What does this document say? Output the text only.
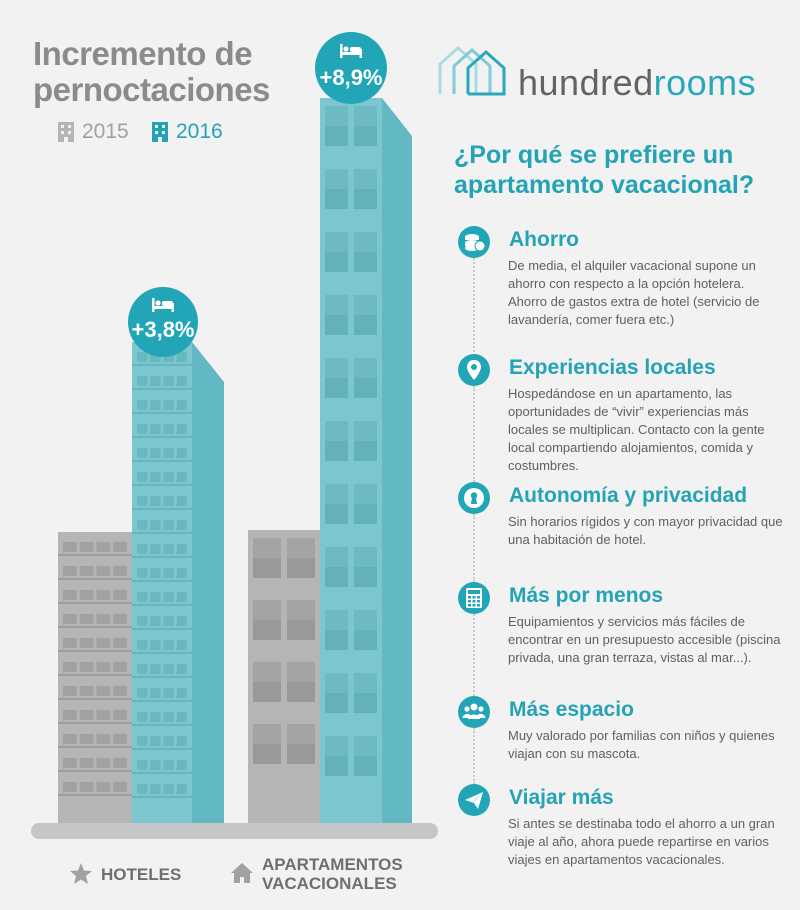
Incremento de
pernoctaciones
2015 2016
+3,8%
+8,9%
HOTELES
APARTAMENTOS
VACACIONALES
hundredrooms
¿Por qué se prefiere un
apartamento vacacional?
Ahorro
De media, el alquiler vacacional supone un ahorro con respecto a la opción hotelera. Ahorro de gastos extra de hotel (servicio de lavandería, comer fuera etc.)
Experiencias locales
Hospedándose en un apartamento, las oportunidades de “vivir” experiencias más locales se multiplican. Contacto con la gente local compartiendo alojamientos, comida y costumbres.
Autonomía y privacidad
Sin horarios rígidos y con mayor privacidad que una habitación de hotel.
Más por menos
Equipamientos y servicios más fáciles de encontrar en un presupuesto accesible (piscina privada, una gran terraza, vistas al mar...).
Más espacio
Muy valorado por familias con niños y quienes viajan con su mascota.
Viajar más
Si antes se destinaba todo el ahorro a un gran viaje al año, ahora puede repartirse en varios viajes en apartamentos vacacionales.
